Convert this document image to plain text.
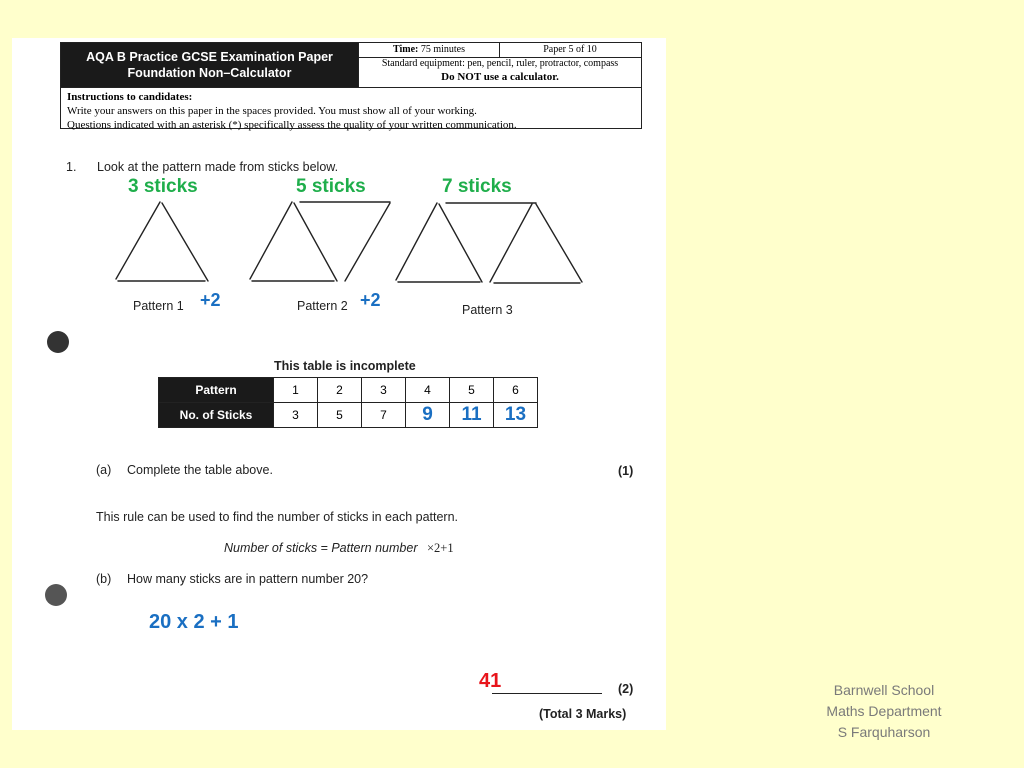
AQA B Practice GCSE Examination Paper
Foundation Non–Calculator
Time: 75 minutes	Paper 5 of 10
Standard equipment: pen, pencil, ruler, protractor, compass
Do NOT use a calculator.
Instructions to candidates:
Write your answers on this paper in the spaces provided. You must show all of your working.
Questions indicated with an asterisk (*) specifically assess the quality of your written communication.
1. Look at the pattern made from sticks below.
3 sticks	5 sticks	7 sticks
Pattern 1 +2	Pattern 2 +2	Pattern 3
This table is incomplete
Pattern	1	2	3	4	5	6
No. of Sticks	3	5	7	9	11	13
(a) Complete the table above.	(1)
This rule can be used to find the number of sticks in each pattern.
Number of sticks = Pattern number ×2+1
(b) How many sticks are in pattern number 20?
20 x 2 + 1
41	(2)
(Total 3 Marks)
Barnwell School
Maths Department
S Farquharson
